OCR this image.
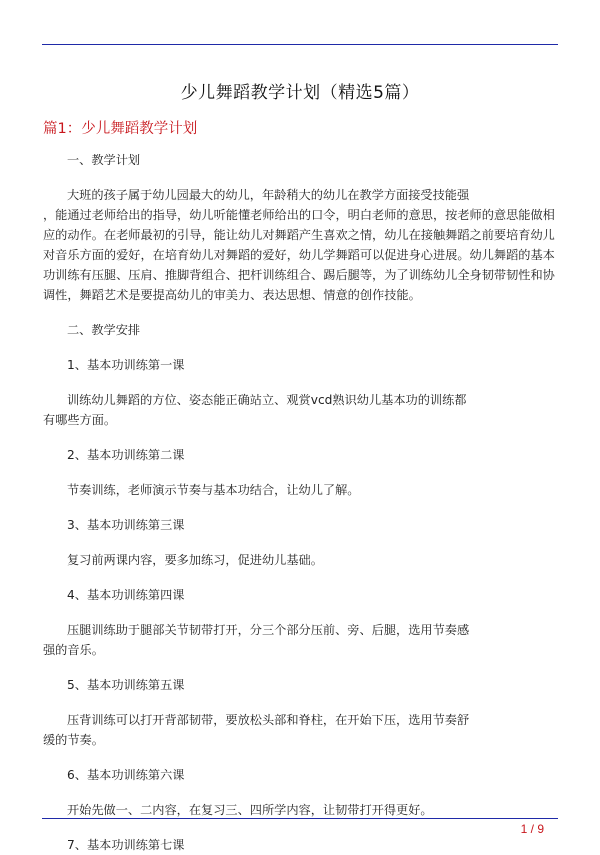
少儿舞蹈教学计划（精选5篇）
篇1：少儿舞蹈教学计划

一、教学计划

大班的孩子属于幼儿园最大的幼儿，年龄稍大的幼儿在教学方面接受技能强

，能通过老师给出的指导，幼儿听能懂老师给出的口令，明白老师的意思，按老师的意思能做相应的动作。在老师最初的引导，能让幼儿对舞蹈产生喜欢之情，幼儿在接触舞蹈之前要培育幼儿对音乐方面的爱好，在培育幼儿对舞蹈的爱好，幼儿学舞蹈可以促进身心进展。幼儿舞蹈的基本功训练有压腿、压肩、推脚背组合、把杆训练组合、踢后腿等，为了训练幼儿全身韧带韧性和协调性，舞蹈艺术是要提高幼儿的审美力、表达思想、情意的创作技能。

二、教学安排

1、基本功训练第一课

训练幼儿舞蹈的方位、姿态能正确站立、观赏vcd熟识幼儿基本功的训练都有哪些方面。

2、基本功训练第二课

节奏训练，老师演示节奏与基本功结合，让幼儿了解。

3、基本功训练第三课

复习前两课内容，要多加练习，促进幼儿基础。

4、基本功训练第四课

压腿训练助于腿部关节韧带打开，分三个部分压前、旁、后腿，选用节奏感强的音乐。

5、基本功训练第五课

压背训练可以打开背部韧带，要放松头部和脊柱，在开始下压，选用节奏舒缓的节奏。

6、基本功训练第六课

开始先做一、二内容，在复习三、四所学内容，让韧带打开得更好。

7、基本功训练第七课

1 / 9
